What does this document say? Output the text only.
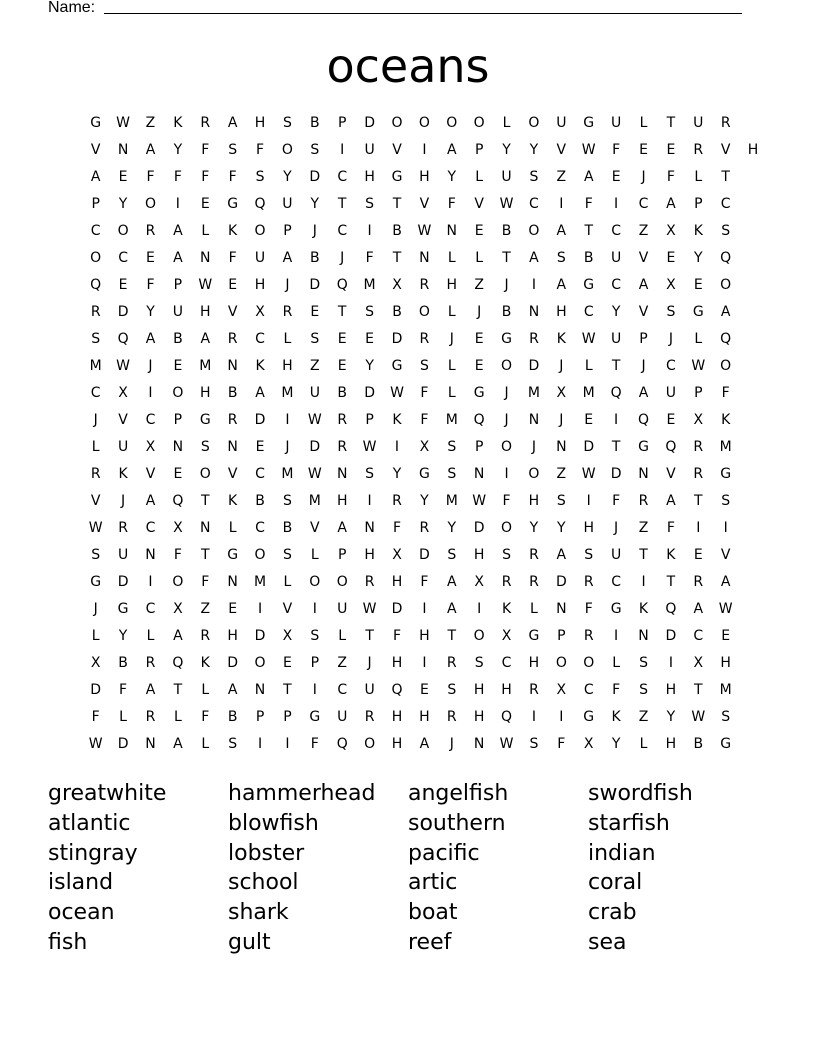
Name:
oceans
G	W	Z	K	R	A	H	S	B	P	D	O	O	O	O	L	O	U	G	U	L	T	U	R
V	N	A	Y	F	S	F	O	S	I	U	V	I	A	P	Y	Y	V	W	F	E	E	R	V	H
A	E	F	F	F	F	S	Y	D	C	H	G	H	Y	L	U	S	Z	A	E	J	F	L	T
P	Y	O	I	E	G	Q	U	Y	T	S	T	V	F	V	W	C	I	F	I	C	A	P	C
C	O	R	A	L	K	O	P	J	C	I	B	W	N	E	B	O	A	T	C	Z	X	K	S
O	C	E	A	N	F	U	A	B	J	F	T	N	L	L	T	A	S	B	U	V	E	Y	Q
Q	E	F	P	W	E	H	J	D	Q	M	X	R	H	Z	J	I	A	G	C	A	X	E	O
R	D	Y	U	H	V	X	R	E	T	S	B	O	L	J	B	N	H	C	Y	V	S	G	A
S	Q	A	B	A	R	C	L	S	E	E	D	R	J	E	G	R	K	W	U	P	J	L	Q
M	W	J	E	M	N	K	H	Z	E	Y	G	S	L	E	O	D	J	L	T	J	C	W	O
C	X	I	O	H	B	A	M	U	B	D	W	F	L	G	J	M	X	M	Q	A	U	P	F
J	V	C	P	G	R	D	I	W	R	P	K	F	M	Q	J	N	J	E	I	Q	E	X	K
L	U	X	N	S	N	E	J	D	R	W	I	X	S	P	O	J	N	D	T	G	Q	R	M
R	K	V	E	O	V	C	M	W	N	S	Y	G	S	N	I	O	Z	W	D	N	V	R	G
V	J	A	Q	T	K	B	S	M	H	I	R	Y	M	W	F	H	S	I	F	R	A	T	S
W	R	C	X	N	L	C	B	V	A	N	F	R	Y	D	O	Y	Y	H	J	Z	F	I	I
S	U	N	F	T	G	O	S	L	P	H	X	D	S	H	S	R	A	S	U	T	K	E	V
G	D	I	O	F	N	M	L	O	O	R	H	F	A	X	R	R	D	R	C	I	T	R	A
J	G	C	X	Z	E	I	V	I	U	W	D	I	A	I	K	L	N	F	G	K	Q	A	W
L	Y	L	A	R	H	D	X	S	L	T	F	H	T	O	X	G	P	R	I	N	D	C	E
X	B	R	Q	K	D	O	E	P	Z	J	H	I	R	S	C	H	O	O	L	S	I	X	H
D	F	A	T	L	A	N	T	I	C	U	Q	E	S	H	H	R	X	C	F	S	H	T	M
F	L	R	L	F	B	P	P	G	U	R	H	H	R	H	Q	I	I	G	K	Z	Y	W	S
W	D	N	A	L	S	I	I	F	Q	O	H	A	J	N	W	S	F	X	Y	L	H	B	G
greatwhite	hammerhead	angelfish	swordfish
atlantic	blowfish	southern	starfish
stingray	lobster	pacific	indian
island	school	artic	coral
ocean	shark	boat	crab
fish	gult	reef	sea
